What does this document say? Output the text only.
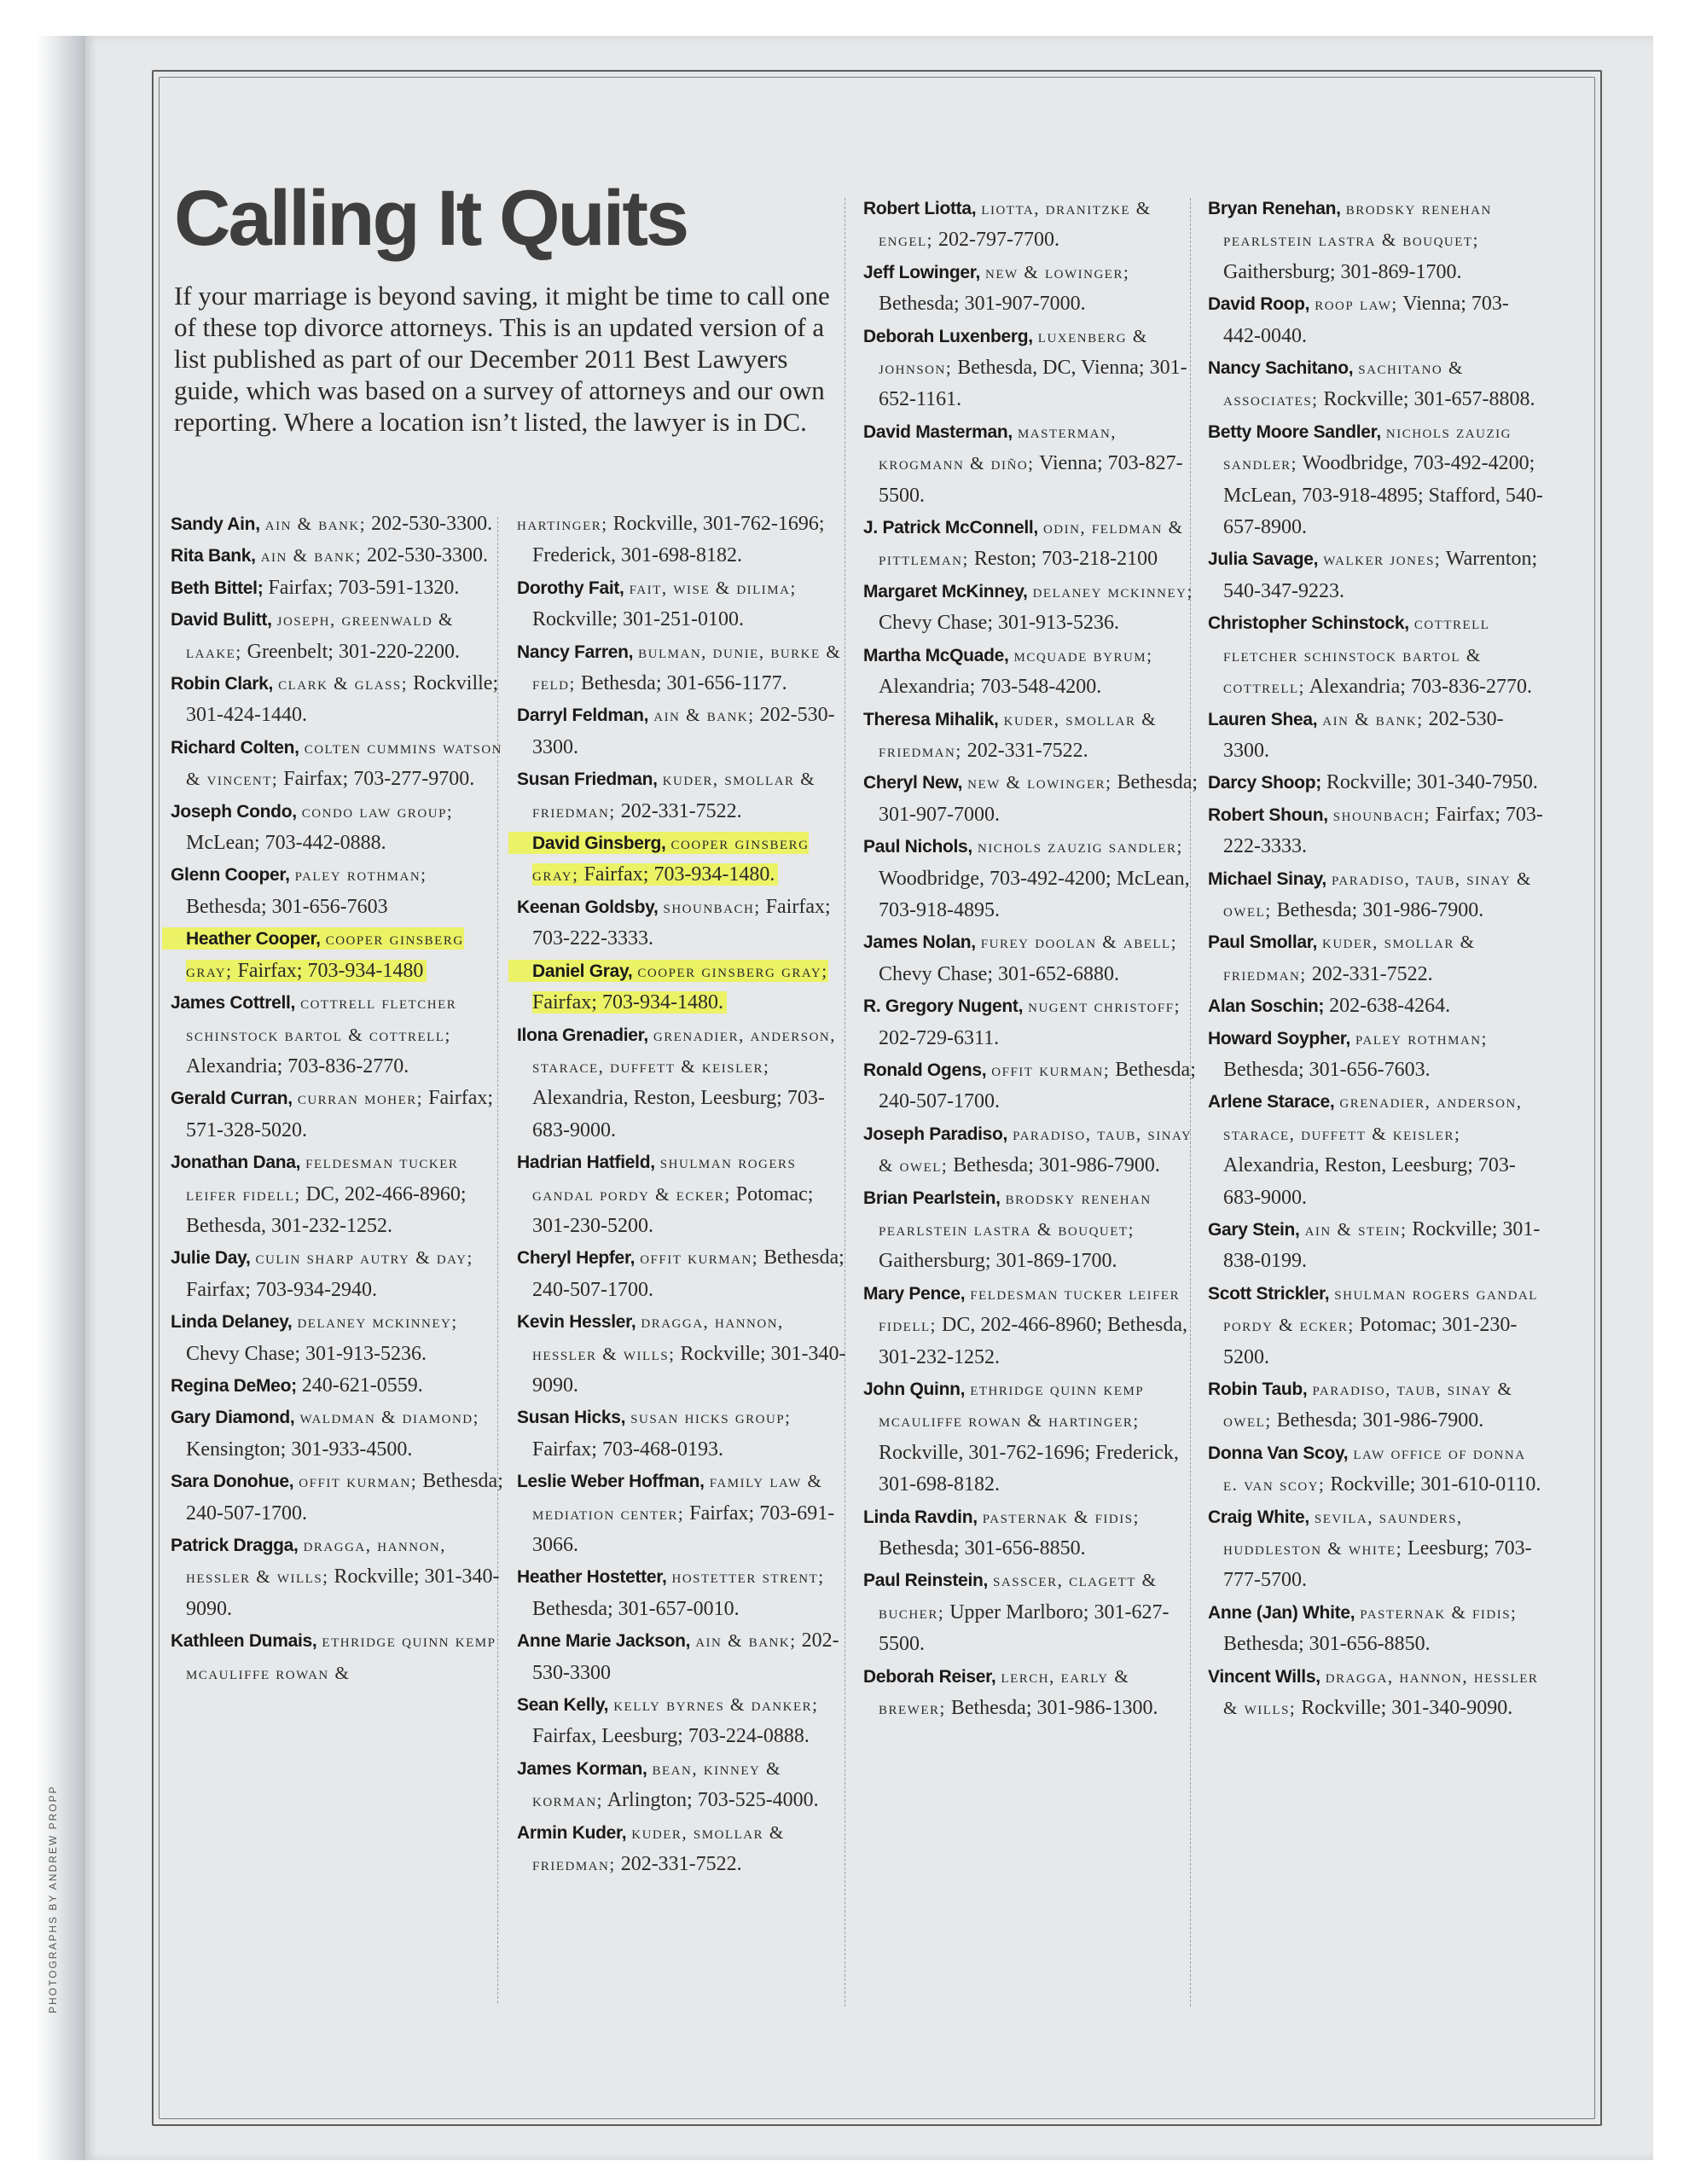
PHOTOGRAPHS BY ANDREW PROPP
Calling It Quits

If your marriage is beyond saving, it might be time to call one of these top divorce attorneys. This is an updated version of a list published as part of our December 2011 Best Lawyers guide, which was based on a survey of attorneys and our own reporting. Where a location isn’t listed, the lawyer is in DC.

Sandy Ain, ain & bank; 202-530-3300.
Rita Bank, ain & bank; 202-530-3300.
Beth Bittel; Fairfax; 703-591-1320.
David Bulitt, joseph, greenwald & laake; Greenbelt; 301-220-2200.
Robin Clark, clark & glass; Rockville; 301-424-1440.
Richard Colten, colten cummins watson & vincent; Fairfax; 703-277-9700.
Joseph Condo, condo law group; McLean; 703-442-0888.
Glenn Cooper, paley rothman; Bethesda; 301-656-7603
Heather Cooper, cooper ginsberg gray; Fairfax; 703-934-1480
James Cottrell, cottrell fletcher schinstock bartol & cottrell; Alexandria; 703-836-2770.
Gerald Curran, curran moher; Fairfax; 571-328-5020.
Jonathan Dana, feldesman tucker leifer fidell; DC, 202-466-8960; Bethesda, 301-232-1252.
Julie Day, culin sharp autry & day; Fairfax; 703-934-2940.
Linda Delaney, delaney mckinney; Chevy Chase; 301-913-5236.
Regina DeMeo; 240-621-0559.
Gary Diamond, waldman & diamond; Kensington; 301-933-4500.
Sara Donohue, offit kurman; Bethesda; 240-507-1700.
Patrick Dragga, dragga, hannon, hessler & wills; Rockville; 301-340-9090.
Kathleen Dumais, ethridge quinn kemp mcauliffe rowan &
hartinger; Rockville, 301-762-1696; Frederick, 301-698-8182.
Dorothy Fait, fait, wise & dilima; Rockville; 301-251-0100.
Nancy Farren, bulman, dunie, burke & feld; Bethesda; 301-656-1177.
Darryl Feldman, ain & bank; 202-530-3300.
Susan Friedman, kuder, smollar & friedman; 202-331-7522.
David Ginsberg, cooper ginsberg gray; Fairfax; 703-934-1480.
Keenan Goldsby, shounbach; Fairfax; 703-222-3333.
Daniel Gray, cooper ginsberg gray; Fairfax; 703-934-1480.
Ilona Grenadier, grenadier, anderson, starace, duffett & keisler; Alexandria, Reston, Leesburg; 703-683-9000.
Hadrian Hatfield, shulman rogers gandal pordy & ecker; Potomac; 301-230-5200.
Cheryl Hepfer, offit kurman; Bethesda; 240-507-1700.
Kevin Hessler, dragga, hannon, hessler & wills; Rockville; 301-340-9090.
Susan Hicks, susan hicks group; Fairfax; 703-468-0193.
Leslie Weber Hoffman, family law & mediation center; Fairfax; 703-691-3066.
Heather Hostetter, hostetter strent; Bethesda; 301-657-0010.
Anne Marie Jackson, ain & bank; 202-530-3300
Sean Kelly, kelly byrnes & danker; Fairfax, Leesburg; 703-224-0888.
James Korman, bean, kinney & korman; Arlington; 703-525-4000.
Armin Kuder, kuder, smollar & friedman; 202-331-7522.
Robert Liotta, liotta, dranitzke & engel; 202-797-7700.
Jeff Lowinger, new & lowinger; Bethesda; 301-907-7000.
Deborah Luxenberg, luxenberg & johnson; Bethesda, DC, Vienna; 301-652-1161.
David Masterman, masterman, krogmann & diño; Vienna; 703-827-5500.
J. Patrick McConnell, odin, feldman & pittleman; Reston; 703-218-2100
Margaret McKinney, delaney mckinney; Chevy Chase; 301-913-5236.
Martha McQuade, mcquade byrum; Alexandria; 703-548-4200.
Theresa Mihalik, kuder, smollar & friedman; 202-331-7522.
Cheryl New, new & lowinger; Bethesda; 301-907-7000.
Paul Nichols, nichols zauzig sandler; Woodbridge, 703-492-4200; McLean, 703-918-4895.
James Nolan, furey doolan & abell; Chevy Chase; 301-652-6880.
R. Gregory Nugent, nugent christoff; 202-729-6311.
Ronald Ogens, offit kurman; Bethesda; 240-507-1700.
Joseph Paradiso, paradiso, taub, sinay & owel; Bethesda; 301-986-7900.
Brian Pearlstein, brodsky renehan pearlstein lastra & bouquet; Gaithersburg; 301-869-1700.
Mary Pence, feldesman tucker leifer fidell; DC, 202-466-8960; Bethesda, 301-232-1252.
John Quinn, ethridge quinn kemp mcauliffe rowan & hartinger; Rockville, 301-762-1696; Frederick, 301-698-8182.
Linda Ravdin, pasternak & fidis; Bethesda; 301-656-8850.
Paul Reinstein, sasscer, clagett & bucher; Upper Marlboro; 301-627-5500.
Deborah Reiser, lerch, early & brewer; Bethesda; 301-986-1300.
Bryan Renehan, brodsky renehan pearlstein lastra & bouquet; Gaithersburg; 301-869-1700.
David Roop, roop law; Vienna; 703-442-0040.
Nancy Sachitano, sachitano & associates; Rockville; 301-657-8808.
Betty Moore Sandler, nichols zauzig sandler; Woodbridge, 703-492-4200; McLean, 703-918-4895; Stafford, 540-657-8900.
Julia Savage, walker jones; Warrenton; 540-347-9223.
Christopher Schinstock, cottrell fletcher schinstock bartol & cottrell; Alexandria; 703-836-2770.
Lauren Shea, ain & bank; 202-530-3300.
Darcy Shoop; Rockville; 301-340-7950.
Robert Shoun, shounbach; Fairfax; 703-222-3333.
Michael Sinay, paradiso, taub, sinay & owel; Bethesda; 301-986-7900.
Paul Smollar, kuder, smollar & friedman; 202-331-7522.
Alan Soschin; 202-638-4264.
Howard Soypher, paley rothman; Bethesda; 301-656-7603.
Arlene Starace, grenadier, anderson, starace, duffett & keisler; Alexandria, Reston, Leesburg; 703-683-9000.
Gary Stein, ain & stein; Rockville; 301-838-0199.
Scott Strickler, shulman rogers gandal pordy & ecker; Potomac; 301-230-5200.
Robin Taub, paradiso, taub, sinay & owel; Bethesda; 301-986-7900.
Donna Van Scoy, law office of donna e. van scoy; Rockville; 301-610-0110.
Craig White, sevila, saunders, huddleston & white; Leesburg; 703-777-5700.
Anne (Jan) White, pasternak & fidis; Bethesda; 301-656-8850.
Vincent Wills, dragga, hannon, hessler & wills; Rockville; 301-340-9090.
